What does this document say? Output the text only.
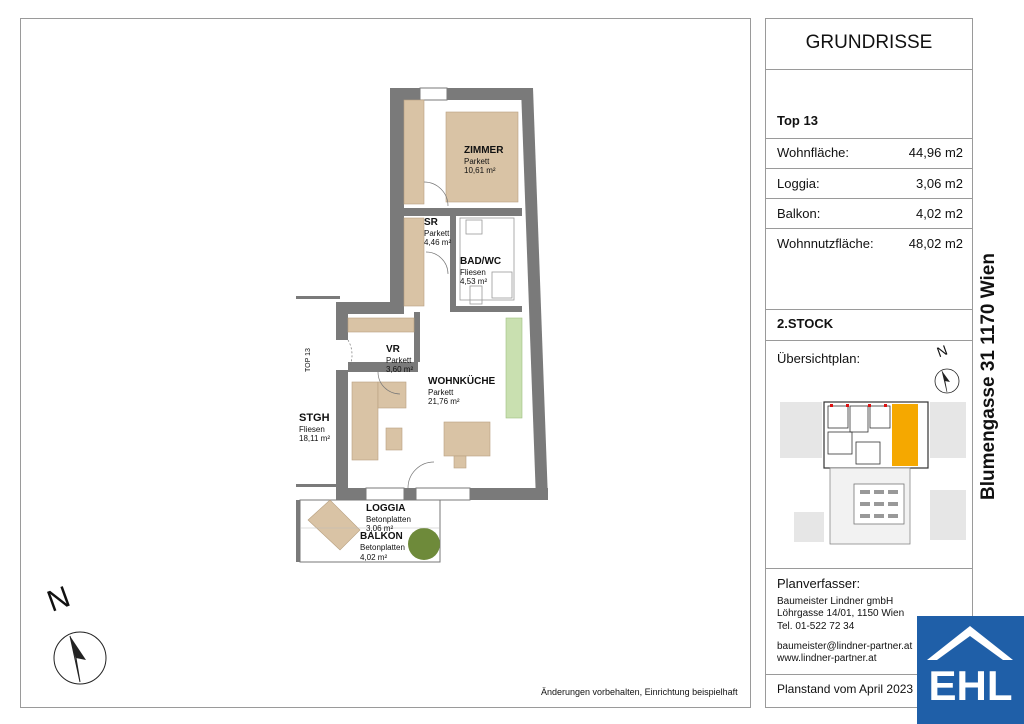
ZIMMER
Parkett
10,61 m²
SR
Parkett
4,46 m²
BAD/WC
Fliesen
4,53 m²
VR
Parkett
3,60 m²
WOHNKÜCHE
Parkett
21,76 m²
STGH
Fliesen
18,11 m²
LOGGIA
Betonplatten
3,06 m²
BALKON
Betonplatten
4,02 m²
TOP 13
N
Änderungen vorbehalten, Einrichtung beispielhaft
GRUNDRISSE
Top 13
Wohnfläche:	44,96 m2
Loggia:	3,06 m2
Balkon:	4,02 m2
Wohnnutzfläche:	48,02 m2
2.STOCK
Übersichtplan:	N
Planverfasser:
Baumeister Lindner gmbH
Löhrgasse 14/01, 1150 Wien
Tel. 01-522 72 34
baumeister@lindner-partner.at
www.lindner-partner.at
Planstand vom April 2023
Blumengasse 31 1170 Wien
EHL
